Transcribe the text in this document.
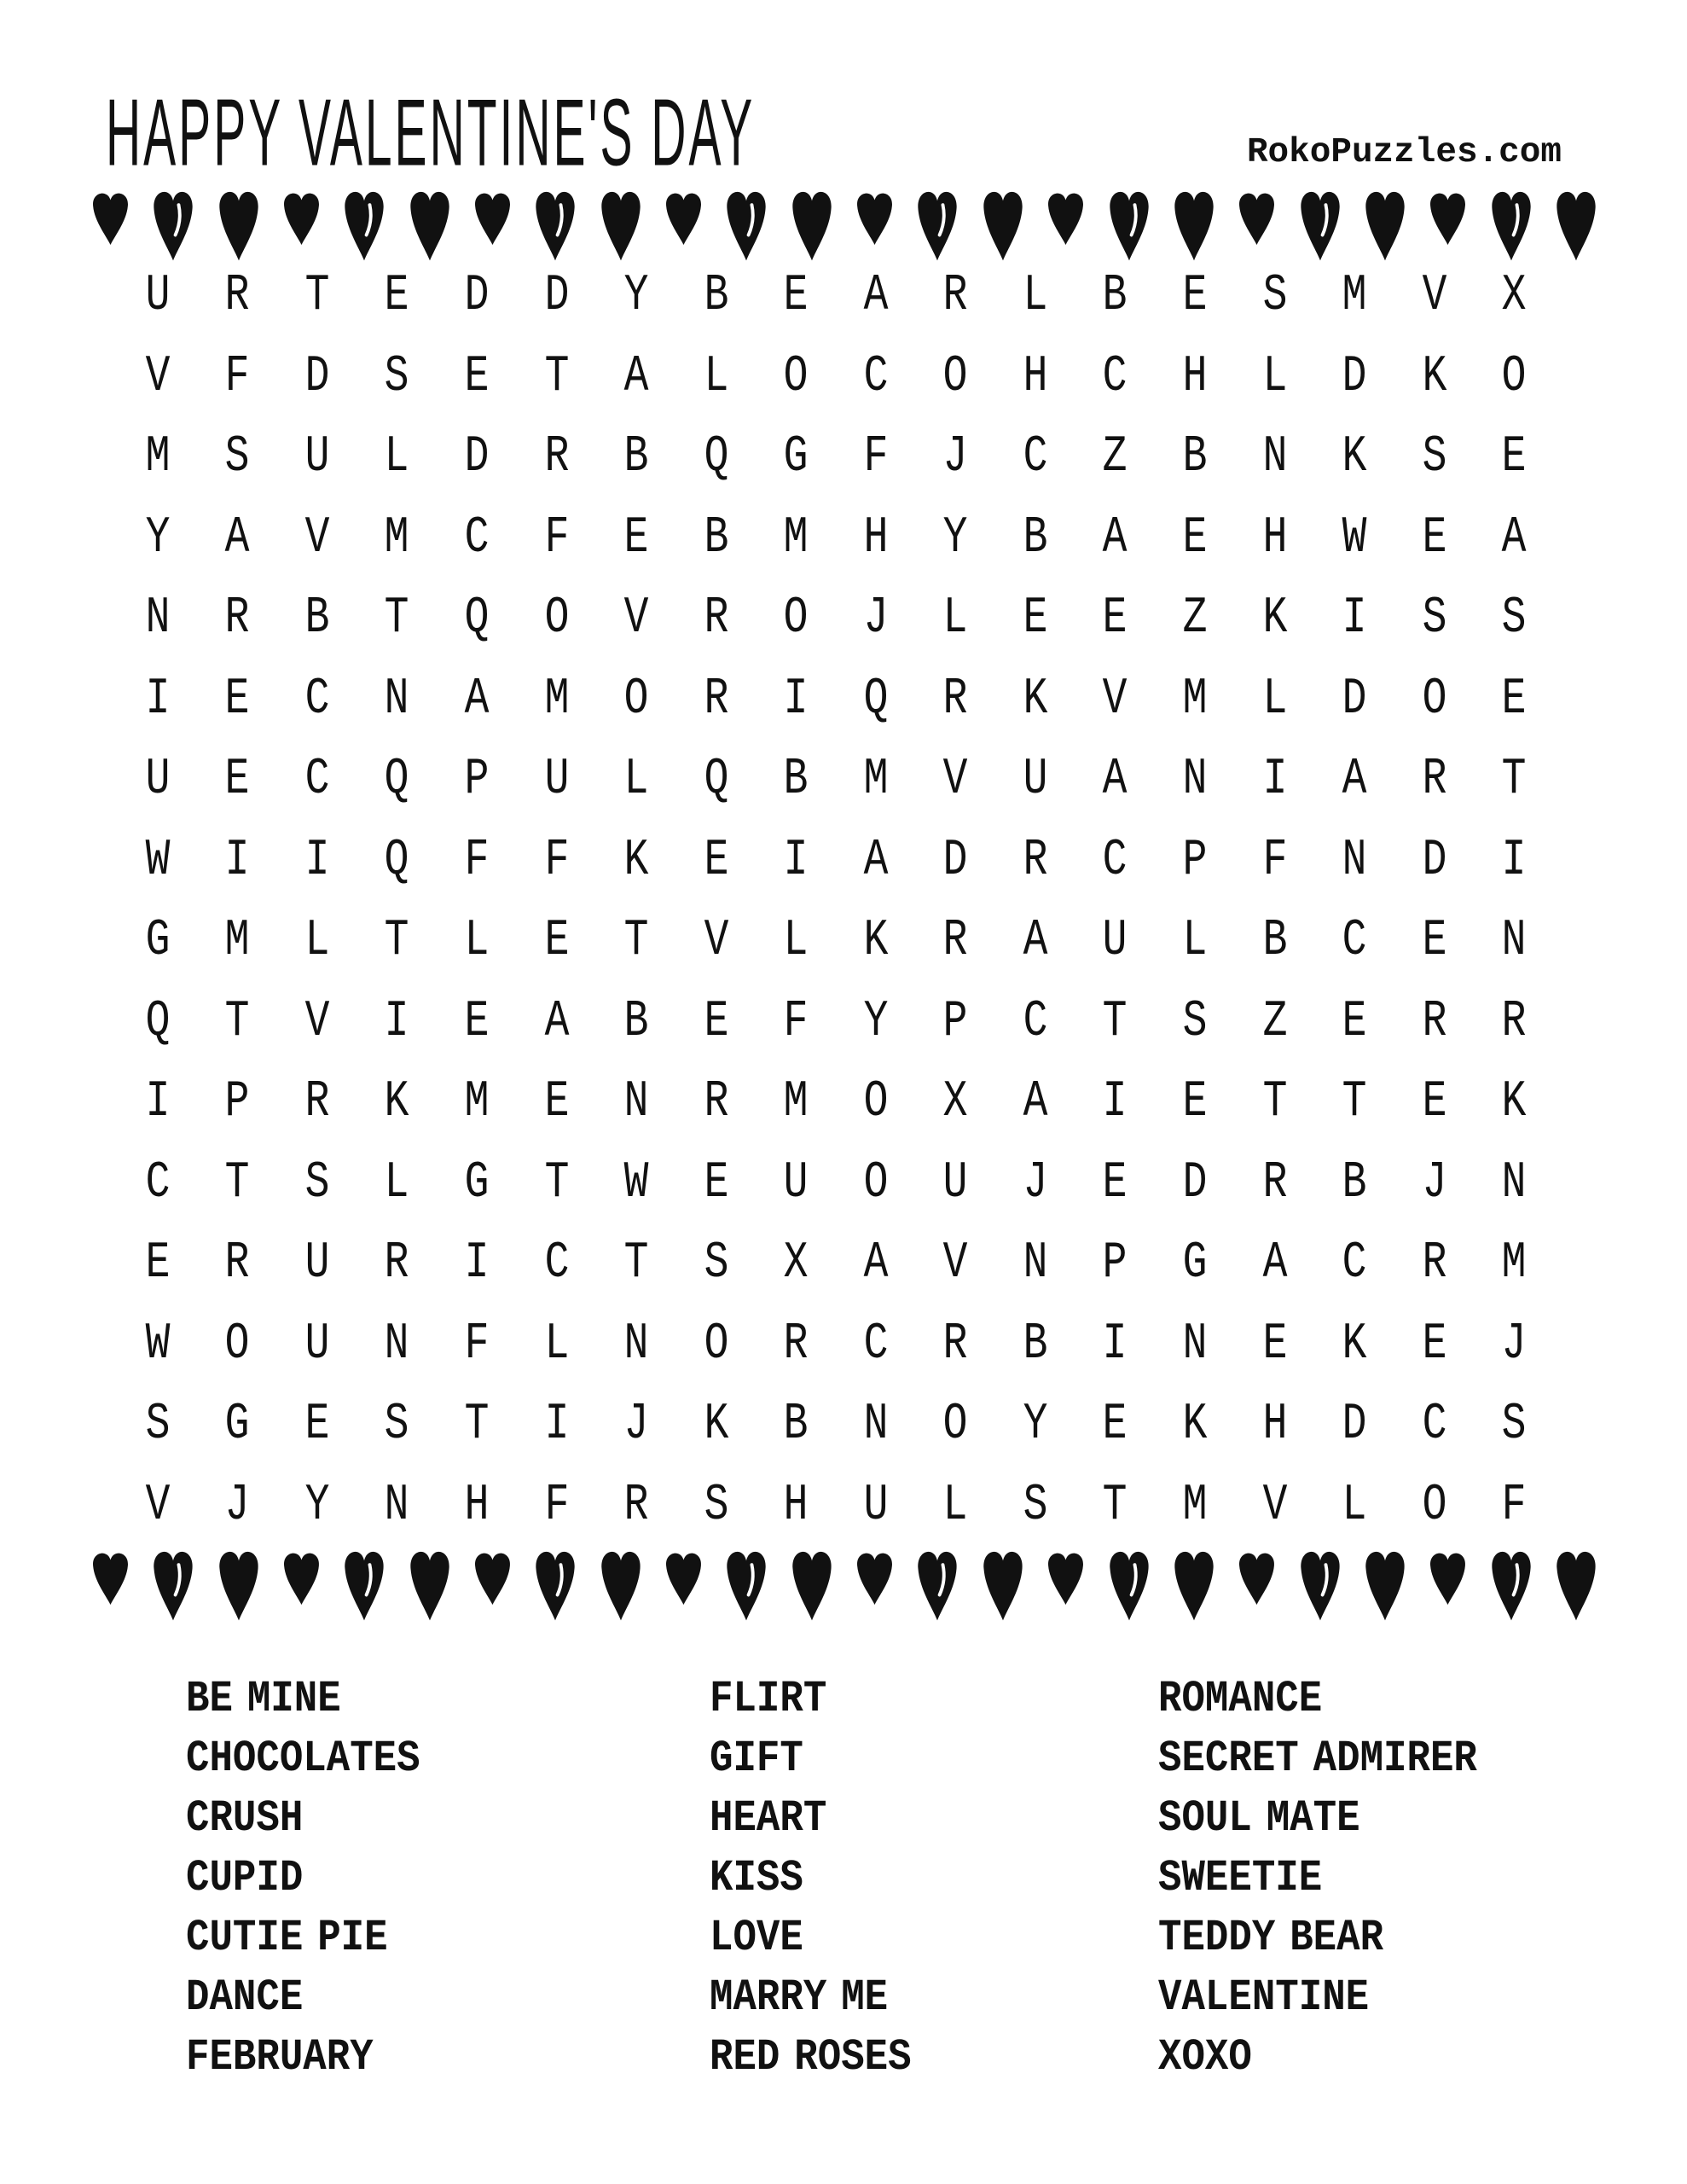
HAPPY VALENTINE'S DAY	RokoPuzzles.com
U R T E D D Y B E A R L B E S M V X
V F D S E T A L O C O H C H L D K O
M S U L D R B Q G F J C Z B N K S E
Y A V M C F E B M H Y B A E H W E A
N R B T Q O V R O J L E E Z K I S S
I E C N A M O R I Q R K V M L D O E
U E C Q P U L Q B M V U A N I A R T
W I I Q F F K E I A D R C P F N D I
G M L T L E T V L K R A U L B C E N
Q T V I E A B E F Y P C T S Z E R R
I P R K M E N R M O X A I E T T E K
C T S L G T W E U O U J E D R B J N
E R U R I C T S X A V N P G A C R M
W O U N F L N O R C R B I N E K E J
S G E S T I J K B N O Y E K H D C S
V J Y N H F R S H U L S T M V L O F
BE MINE
CHOCOLATES
CRUSH
CUPID
CUTIE PIE
DANCE
FEBRUARY
FLIRT
GIFT
HEART
KISS
LOVE
MARRY ME
RED ROSES
ROMANCE
SECRET ADMIRER
SOUL MATE
SWEETIE
TEDDY BEAR
VALENTINE
XOXO
